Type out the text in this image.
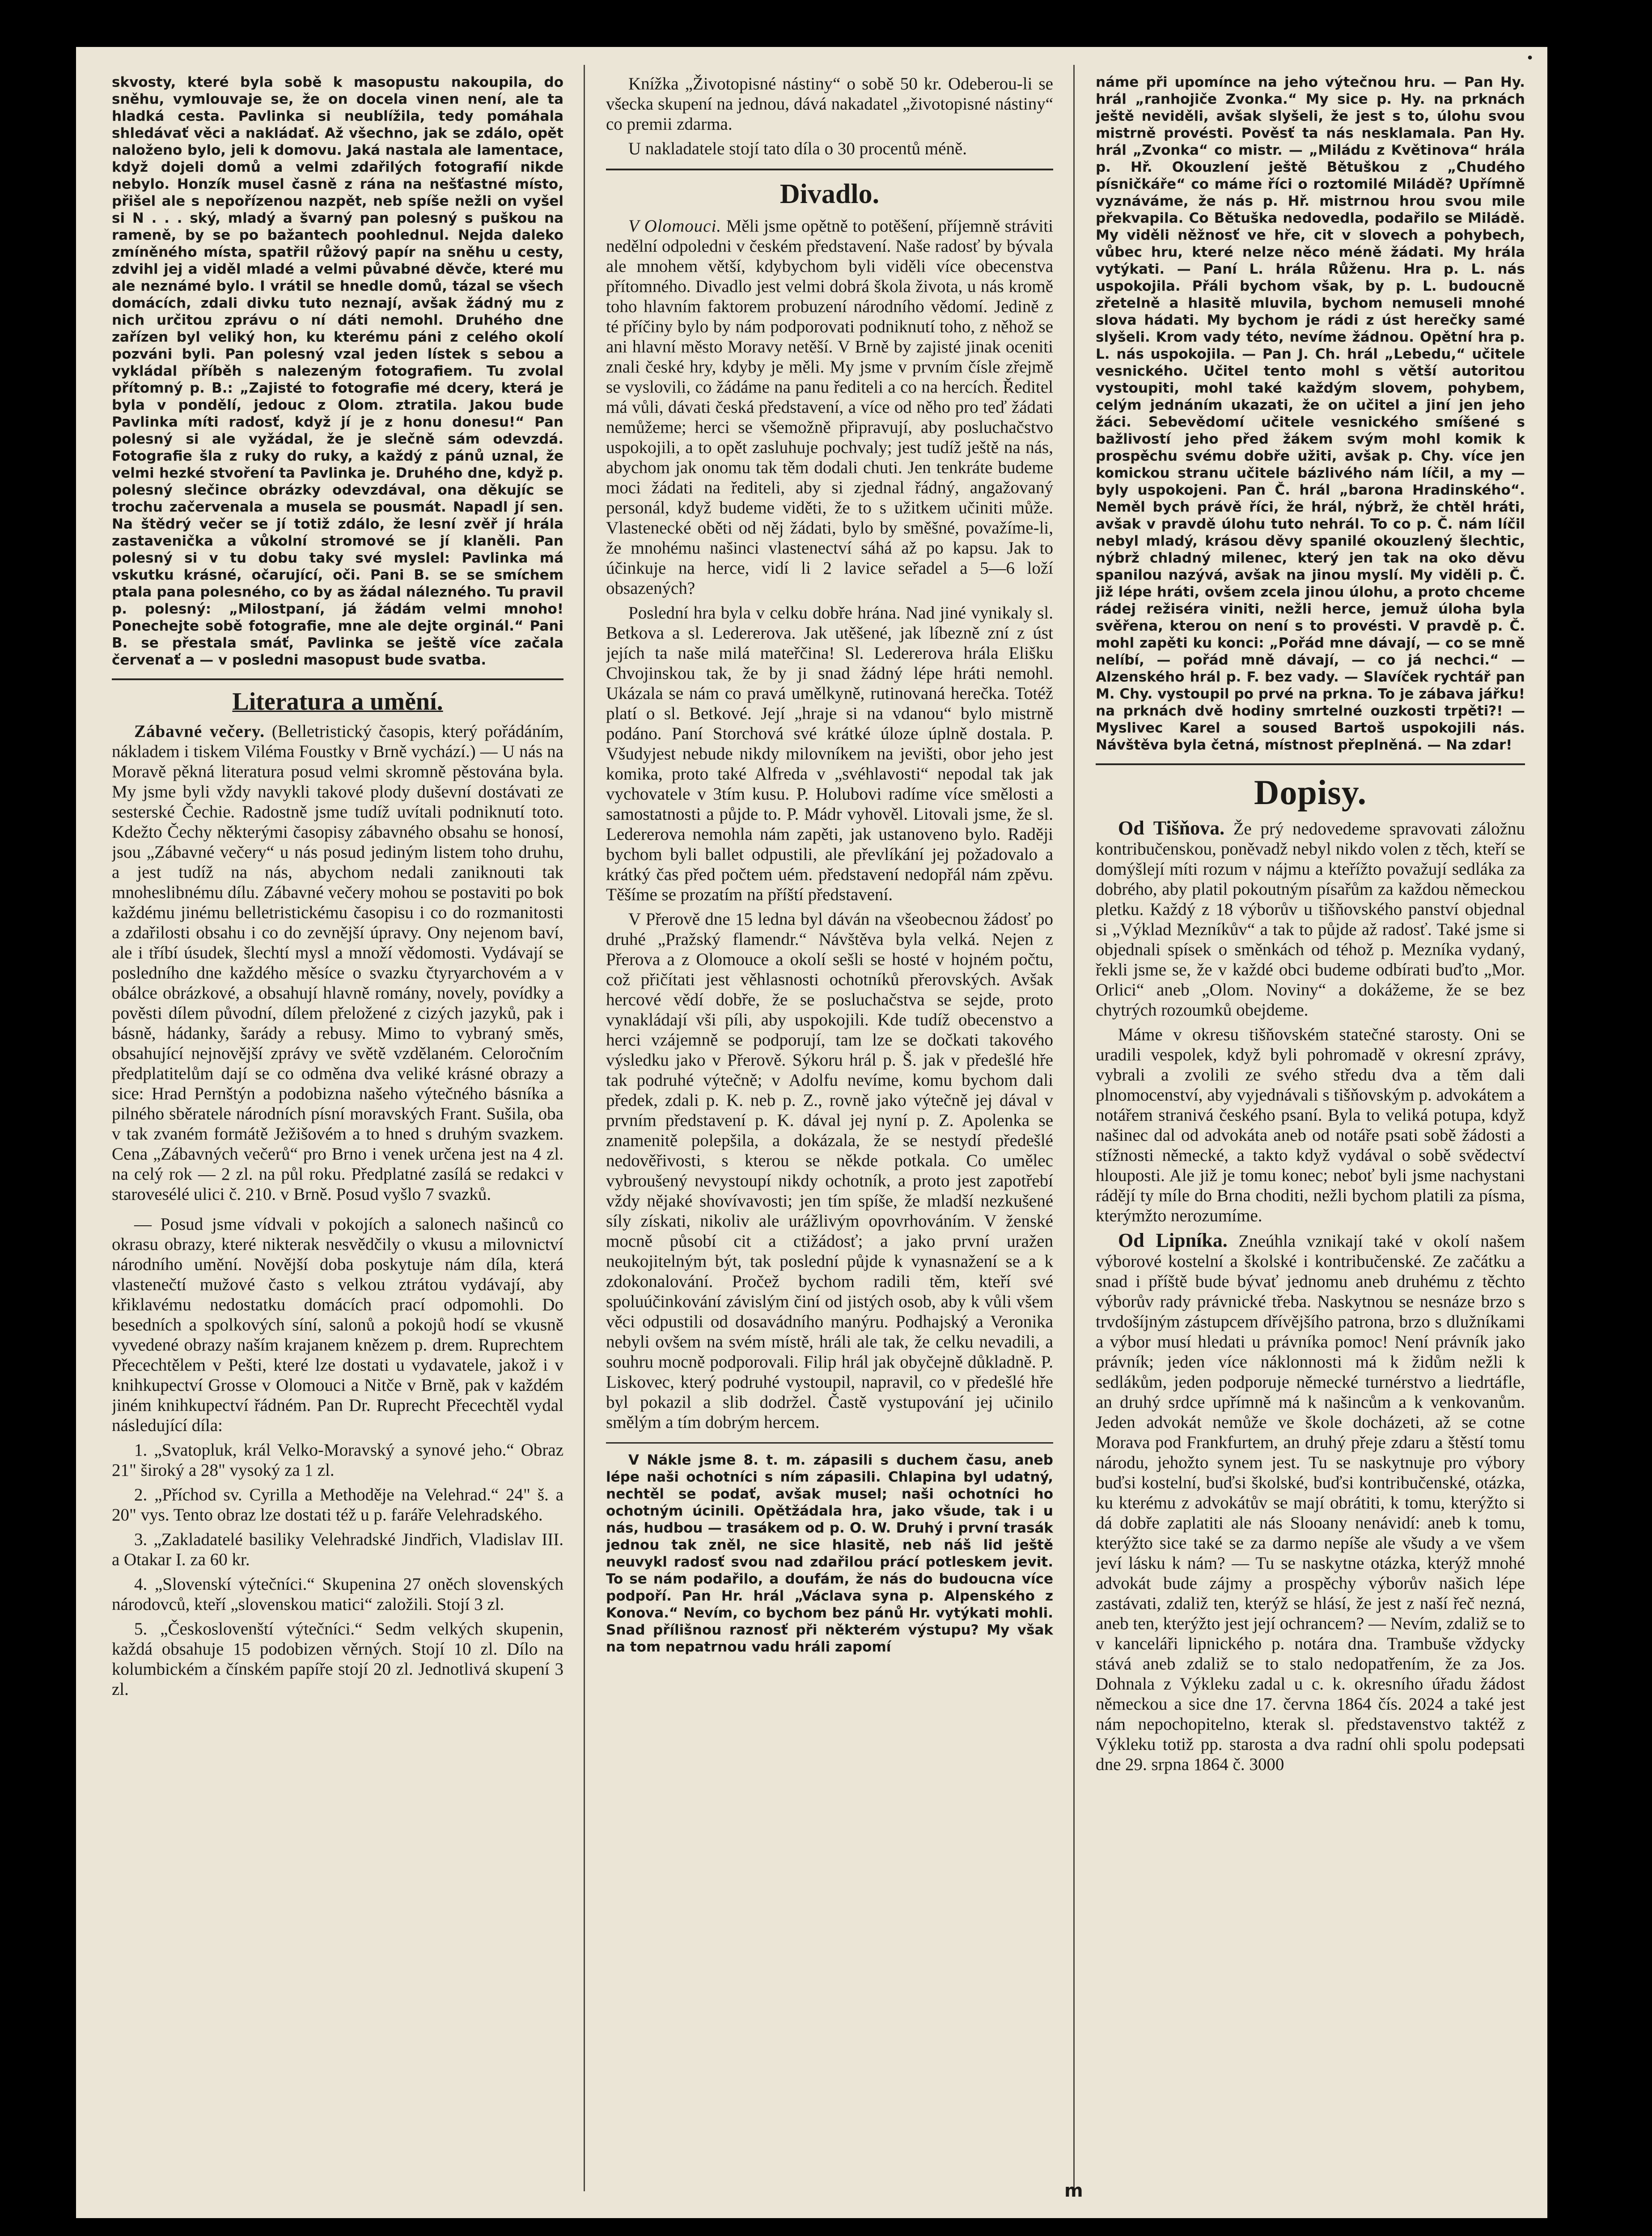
•

skvosty, které byla sobě k masopustu nakoupila, do sněhu, vymlouvaje se, že on docela vinen není, ale ta hladká cesta. Pavlinka si neublížila, tedy pomáhala shledávať věci a nakládať. Až všechno, jak se zdálo, opět naloženo bylo, jeli k domovu. Jaká nastala ale lamentace, když dojeli domů a velmi zdařilých fotografií nikde nebylo. Honzík musel časně z rána na nešťastné místo, přišel ale s nepořízenou nazpět, neb spíše nežli on vyšel si N . . . ský, mladý a švarný pan polesný s puškou na rameně, by se po bažantech poohlednul. Nejda daleko zmíněného místa, spatřil růžový papír na sněhu u cesty, zdvihl jej a viděl mladé a velmi půvabné děvče, které mu ale neznámé bylo. I vrátil se hnedle domů, tázal se všech domácích, zdali divku tuto neznají, avšak žádný mu z nich určitou zprávu o ní dáti nemohl. Druhého dne zařízen byl veliký hon, ku kterému páni z celého okolí pozváni byli. Pan polesný vzal jeden lístek s sebou a vykládal příběh s nalezeným fotografiem. Tu zvolal přítomný p. B.: „Zajisté to fotografie mé dcery, která je byla v pondělí, jedouc z Olom. ztratila. Jakou bude Pavlinka míti radosť, když jí je z honu donesu!“ Pan polesný si ale vyžádal, že je slečně sám odevzdá. Fotografie šla z ruky do ruky, a každý z pánů uznal, že velmi hezké stvoření ta Pavlinka je. Druhého dne, když p. polesný slečince obrázky odevzdával, ona děkujíc se trochu začervenala a musela se pousmát. Napadl jí sen. Na štědrý večer se jí totiž zdálo, že lesní zvěř jí hrála zastavenička a vůkolní stromové se jí klaněli. Pan polesný si v tu dobu taky své myslel: Pavlinka má vskutku krásné, očarující, oči. Pani B. se se smíchem ptala pana polesného, co by as žádal nálezného. Tu pravil p. polesný: „Milostpaní, já žádám velmi mnoho! Ponechejte sobě fotografie, mne ale dejte orginál.“ Pani B. se přestala smáť, Pavlinka se ještě více začala červenať a — v posledni masopust bude svatba.

Literatura a umění.

Zábavné večery. (Belletristický časopis, který pořádáním, nákladem i tiskem Viléma Foustky v Brně vychází.) — U nás na Moravě pěkná literatura posud velmi skromně pěstována byla. My jsme byli vždy navykli takové plody duševní dostávati ze sesterské Čechie. Radostně jsme tudíž uvítali podniknutí toto. Kdežto Čechy některými časopisy zábavného obsahu se honosí, jsou „Zábavné večery“ u nás posud jediným listem toho druhu, a jest tudíž na nás, abychom nedali zaniknouti tak mnoheslibnému dílu. Zábavné večery mohou se postaviti po bok každému jinému belletristickému časopisu i co do rozmanitosti a zdařilosti obsahu i co do zevnější úpravy. Ony nejenom baví, ale i tříbí úsudek, šlechtí mysl a množí vědomosti. Vydávají se posledního dne každého měsíce o svazku čtyryarchovém a v obálce obrázkové, a obsahují hlavně romány, novely, povídky a pověsti dílem původní, dílem přeložené z cizých jazyků, pak i básně, hádanky, šarády a rebusy. Mimo to vybraný směs, obsahující nejnovější zprávy ve světě vzdělaném. Celoročním předplatitelům dají se co odměna dva veliké krásné obrazy a sice: Hrad Pernštýn a podobizna našeho výtečného básníka a pilného sběratele národních písní moravských Frant. Sušila, oba v tak zvaném formátě Ježišovém a to hned s druhým svazkem. Cena „Zábavných večerů“ pro Brno i venek určena jest na 4 zl. na celý rok — 2 zl. na půl roku. Předplatné zasílá se redakci v starovesélé ulici č. 210. v Brně. Posud vyšlo 7 svazků.

— Posud jsme vídvali v pokojích a salonech našinců co okrasu obrazy, které nikterak nesvědčily o vkusu a milovnictví národního umění. Novější doba poskytuje nám díla, která vlastenečtí mužové často s velkou ztrátou vydávají, aby křiklavému nedostatku domácích prací odpomohli. Do besedních a spolkových síní, salonů a pokojů hodí se vkusně vyvedené obrazy naším krajanem knězem p. drem. Ruprechtem Přecechtělem v Pešti, které lze dostati u vydavatele, jakož i v knihkupectví Grosse v Olomouci a Nitče v Brně, pak v každém jiném knihkupectví řádném. Pan Dr. Ruprecht Přecechtěl vydal následující díla:

1. „Svatopluk, král Velko-Moravský a synové jeho.“ Obraz 21" široký a 28" vysoký za 1 zl.

2. „Příchod sv. Cyrilla a Methoděje na Velehrad.“ 24" š. a 20" vys. Tento obraz lze dostati též u p. faráře Velehradského.

3. „Zakladatelé basiliky Velehradské Jindřich, Vladislav III. a Otakar I. za 60 kr.

4. „Slovenskí výtečníci.“ Skupenina 27 oněch slovenských národovců, kteří „slovenskou matici“ založili. Stojí 3 zl.

5. „Českoslovenští výtečníci.“ Sedm velkých skupenin, každá obsahuje 15 podobizen věrných. Stojí 10 zl. Dílo na kolumbickém a čínském papíře stojí 20 zl. Jednotlivá skupení 3 zl.

Knížka „Životopisné nástiny“ o sobě 50 kr. Odeberou-li se všecka skupení na jednou, dává nakadatel „životopisné nástiny“ co premii zdarma.

U nakladatele stojí tato díla o 30 procentů méně.

Divadlo.

V Olomouci. Měli jsme opětně to potěšení, příjemně stráviti nedělní odpoledni v českém představení. Naše radosť by bývala ale mnohem větší, kdybychom byli viděli více obecenstva přítomného. Divadlo jest velmi dobrá škola života, u nás kromě toho hlavním faktorem probuzení národního vědomí. Jedině z té příčiny bylo by nám podporovati podniknutí toho, z něhož se ani hlavní město Moravy netěší. V Brně by zajisté jinak oceniti znali české hry, kdyby je měli. My jsme v prvním čísle zřejmě se vyslovili, co žádáme na panu řediteli a co na hercích. Ředitel má vůli, dávati česká představení, a více od něho pro teď žádati nemůžeme; herci se všemožně připravují, aby posluchačstvo uspokojili, a to opět zasluhuje pochvaly; jest tudíž ještě na nás, abychom jak onomu tak těm dodali chuti. Jen tenkráte budeme moci žádati na řediteli, aby si zjednal řádný, angažovaný personál, když budeme viděti, že to s užitkem učiniti může. Vlastenecké oběti od něj žádati, bylo by směšné, považíme-li, že mnohému našinci vlastenectví sáhá až po kapsu. Jak to účinkuje na herce, vidí li 2 lavice seřadel a 5—6 loží obsazených?

Poslední hra byla v celku dobře hrána. Nad jiné vynikaly sl. Betkova a sl. Ledererova. Jak utěšené, jak líbezně zní z úst jejích ta naše milá mateřčina! Sl. Ledererova hrála Elišku Chvojinskou tak, že by ji snad žádný lépe hráti nemohl. Ukázala se nám co pravá umělkyně, rutinovaná herečka. Totéž platí o sl. Betkové. Její „hraje si na vdanou“ bylo mistrně podáno. Paní Storchová své krátké úloze úplně dostala. P. Všudyjest nebude nikdy milovníkem na jevišti, obor jeho jest komika, proto také Alfreda v „svéhlavosti“ nepodal tak jak vychovatele v 3tím kusu. P. Holubovi radíme více smělosti a samostatnosti a půjde to. P. Mádr vyhověl. Litovali jsme, že sl. Ledererova nemohla nám zapěti, jak ustanoveno bylo. Raději bychom byli ballet odpustili, ale převlíkání jej požadovalo a krátký čas před počtem uém. představení nedopřál nám zpěvu. Těšíme se prozatím na příští představení.

V Přerově dne 15 ledna byl dáván na všeobecnou žádosť po druhé „Pražský flamendr.“ Návštěva byla velká. Nejen z Přerova a z Olomouce a okolí sešli se hosté v hojném počtu, což přičítati jest věhlasnosti ochotníků přerovských. Avšak hercové vědí dobře, že se posluchačstva se sejde, proto vynakládají vši píli, aby uspokojili. Kde tudíž obecenstvo a herci vzájemně se podporují, tam lze se dočkati takového výsledku jako v Přerově. Sýkoru hrál p. Š. jak v předešlé hře tak podruhé výtečně; v Adolfu nevíme, komu bychom dali předek, zdali p. K. neb p. Z., rovně jako výtečně jej dával v prvním představení p. K. dával jej nyní p. Z. Apolenka se znamenitě polepšila, a dokázala, že se nestydí předešlé nedověřivosti, s kterou se někde potkala. Co umělec vybroušený nevystoupí nikdy ochotník, a proto jest zapotřebí vždy nějaké shovívavosti; jen tím spíše, že mladší nezkušené síly získati, nikoliv ale urážlivým opovrhováním. V ženské mocně působí cit a ctižádosť; a jako první uražen neukojitelným být, tak poslední půjde k vynasnažení se a k zdokonalování. Pročež bychom radili těm, kteří své spoluúčinkování závislým činí od jistých osob, aby k vůli všem věci odpustili od dosavádního manýru. Podhajský a Veronika nebyli ovšem na svém místě, hráli ale tak, že celku nevadili, a souhru mocně podporovali. Filip hrál jak obyčejně důkladně. P. Liskovec, který podruhé vystoupil, napravil, co v předešlé hře byl pokazil a slib dodržel. Častě vystupování jej učinilo smělým a tím dobrým hercem.

V Nákle jsme 8. t. m. zápasili s duchem času, aneb lépe naši ochotníci s ním zápasili. Chlapina byl udatný, nechtěl se podať, avšak musel; naši ochotníci ho ochotným úcinili. Opětžádala hra, jako všude, tak i u nás, hudbou — trasákem od p. O. W. Druhý i první trasák jednou tak zněl, ne sice hlasitě, neb náš lid ještě neuvykl radosť svou nad zdařilou prácí potleskem jevit. To se nám podařilo, a doufám, že nás do budoucna více podpoří. Pan Hr. hrál „Václava syna p. Alpenského z Konova.“ Nevím, co bychom bez pánů Hr. vytýkati mohli. Snad přílišnou raznosť při některém výstupu? My však na tom nepatrnou vadu hráli zapomí

náme při upomínce na jeho výtečnou hru. — Pan Hy. hrál „ranhojiče Zvonka.“ My sice p. Hy. na prknách ještě neviděli, avšak slyšeli, že jest s to, úlohu svou mistrně provésti. Pověsť ta nás nesklamala. Pan Hy. hrál „Zvonka“ co mistr. — „Miládu z Květinova“ hrála p. Hř. Okouzlení ještě Bětuškou z „Chudého písničkáře“ co máme říci o roztomilé Miládě? Upřímně vyznáváme, že nás p. Hř. mistrnou hrou svou mile překvapila. Co Bětuška nedovedla, podařilo se Miládě. My viděli něžnosť ve hře, cit v slovech a pohybech, vůbec hru, které nelze něco méně žádati. My hrála vytýkati. — Paní L. hrála Růženu. Hra p. L. nás uspokojila. Přáli bychom však, by p. L. budoucně zřetelně a hlasitě mluvila, bychom nemuseli mnohé slova hádati. My bychom je rádi z úst herečky samé slyšeli. Krom vady této, nevíme žádnou. Opětní hra p. L. nás uspokojila. — Pan J. Ch. hrál „Lebedu,“ učitele vesnického. Učitel tento mohl s větší autoritou vystoupiti, mohl také každým slovem, pohybem, celým jednáním ukazati, že on učitel a jiní jen jeho žáci. Sebevědomí učitele vesnického smíšené s bažlivostí jeho před žákem svým mohl komik k prospěchu svému dobře užiti, avšak p. Chy. více jen komickou stranu učitele bázlivého nám líčil, a my — byly uspokojeni. Pan Č. hrál „barona Hradinského“. Neměl bych právě říci, že hrál, nýbrž, že chtěl hráti, avšak v pravdě úlohu tuto nehrál. To co p. Č. nám líčil nebyl mladý, krásou děvy spanilé okouzlený šlechtic, nýbrž chladný milenec, který jen tak na oko děvu spanilou nazývá, avšak na jinou myslí. My viděli p. Č. již lépe hráti, ovšem zcela jinou úlohu, a proto chceme rádej režiséra viniti, nežli herce, jemuž úloha byla svěřena, kterou on není s to provésti. V pravdě p. Č. mohl zapěti ku konci: „Pořád mne dávají, — co se mně nelíbí, — pořád mně dávají, — co já nechci.“ — Alzenského hrál p. F. bez vady. — Slavíček rychtář pan M. Chy. vystoupil po prvé na prkna. To je zábava jářku! na prknách dvě hodiny smrtelné ouzkosti trpěti?! — Myslivec Karel a soused Bartoš uspokojili nás. Návštěva byla četná, místnost přeplněná. — Na zdar!

Dopisy.

Od Tišňova. Že prý nedovedeme spravovati záložnu kontribučenskou, poněvadž nebyl nikdo volen z těch, kteří se domýšlejí míti rozum v nájmu a kteřížto považují sedláka za dobrého, aby platil pokoutným písařům za každou německou pletku. Každý z 18 výborův u tišňovského panství objednal si „Výklad Mezníkův“ a tak to půjde až radosť. Také jsme si objednali spísek o směnkách od téhož p. Mezníka vydaný, řekli jsme se, že v každé obci budeme odbírati buďto „Mor. Orlici“ aneb „Olom. Noviny“ a dokážeme, že se bez chytrých rozoumků obejdeme.

Máme v okresu tišňovském statečné starosty. Oni se uradili vespolek, když byli pohromadě v okresní zprávy, vybrali a zvolili ze svého středu dva a těm dali plnomocenství, aby vyjednávali s tišňovským p. advokátem a notářem stranivá českého psaní. Byla to veliká potupa, když našinec dal od advokáta aneb od notáře psati sobě žádosti a stížnosti německé, a takto když vydával o sobě svědectví hlouposti. Ale již je tomu konec; neboť byli jsme nachystani rádějí ty míle do Brna choditi, nežli bychom platili za písma, kterýmžto nerozumíme.

Od Lipníka. Zneúhla vznikají také v okolí našem výborové kostelní a školské i kontribučenské. Ze začátku a snad i příště bude bývať jednomu aneb druhému z těchto výborův rady právnické třeba. Naskytnou se nesnáze brzo s trvdošíjným zástupcem dřívějšího patrona, brzo s dlužníkami a výbor musí hledati u právníka pomoc! Není právník jako právník; jeden více náklonnosti má k židům nežli k sedlákům, jeden podporuje německé turnérstvo a liedrtáfle, an druhý srdce upřímně má k našincům a k venkovanům. Jeden advokát nemůže ve škole docházeti, až se cotne Morava pod Frankfurtem, an druhý přeje zdaru a štěstí tomu národu, jehožto synem jest. Tu se naskytnuje pro výbory buďsi kostelní, buďsi školské, buďsi kontribučenské, otázka, ku kterému z advokátův se mají obrátiti, k tomu, kterýžto si dá dobře zaplatiti ale nás Slooany nenávidí: aneb k tomu, kterýžto sice také se za darmo nepíše ale všudy a ve všem jeví lásku k nám? — Tu se naskytne otázka, kterýž mnohé advokát bude zájmy a prospěchy výborův našich lépe zastávati, zdaliž ten, kterýž se hlásí, že jest z naší řeč nezná, aneb ten, kterýžto jest její ochrancem? — Nevím, zdaliž se to v kanceláři lipnického p. notára dna. Trambuše vždycky stává aneb zdaliž se to stalo nedopatřením, že za Jos. Dohnala z Výkleku zadal u c. k. okresního úřadu žádost německou a sice dne 17. června 1864 čís. 2024 a také jest nám nepochopitelno, kterak sl. představenstvo taktéž z Výkleku totiž pp. starosta a dva radní ohli spolu podepsati dne 29. srpna 1864 č. 3000

m
